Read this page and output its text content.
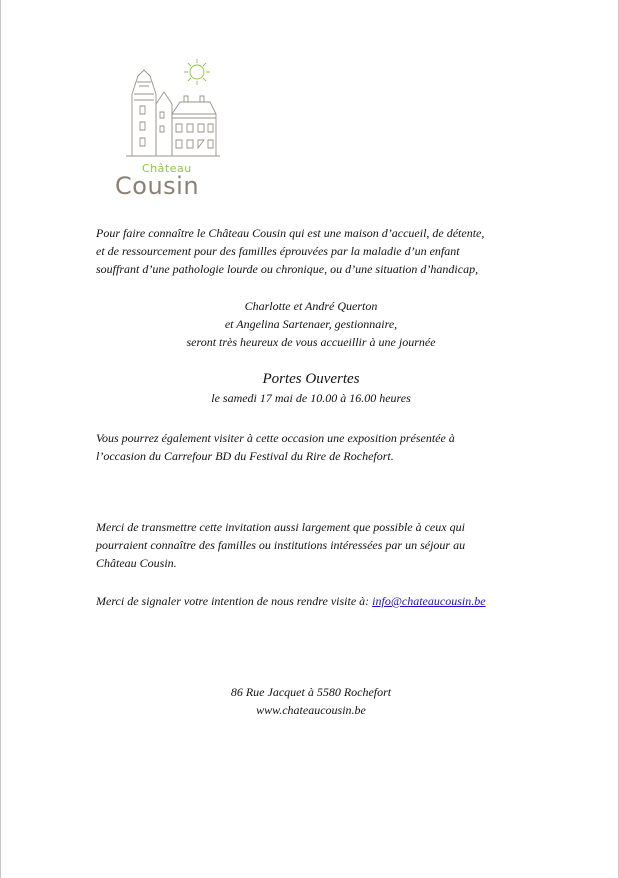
Château
Cousin
Pour faire connaître le Château Cousin qui est une maison d’accueil, de détente,
et de ressourcement pour des familles éprouvées par la maladie d’un enfant
souffrant d’une pathologie lourde ou chronique, ou d’une situation d’handicap,
Charlotte et André Querton
et Angelina Sartenaer, gestionnaire,
seront très heureux de vous accueillir à une journée
Portes Ouvertes
le samedi 17 mai de 10.00 à 16.00 heures
Vous pourrez également visiter à cette occasion une exposition présentée à
l’occasion du Carrefour BD du Festival du Rire de Rochefort.
Merci de transmettre cette invitation aussi largement que possible à ceux qui
pourraient connaître des familles ou institutions intéressées par un séjour au
Château Cousin.
Merci de signaler votre intention de nous rendre visite à: info@chateaucousin.be
86 Rue Jacquet à 5580 Rochefort
www.chateaucousin.be
